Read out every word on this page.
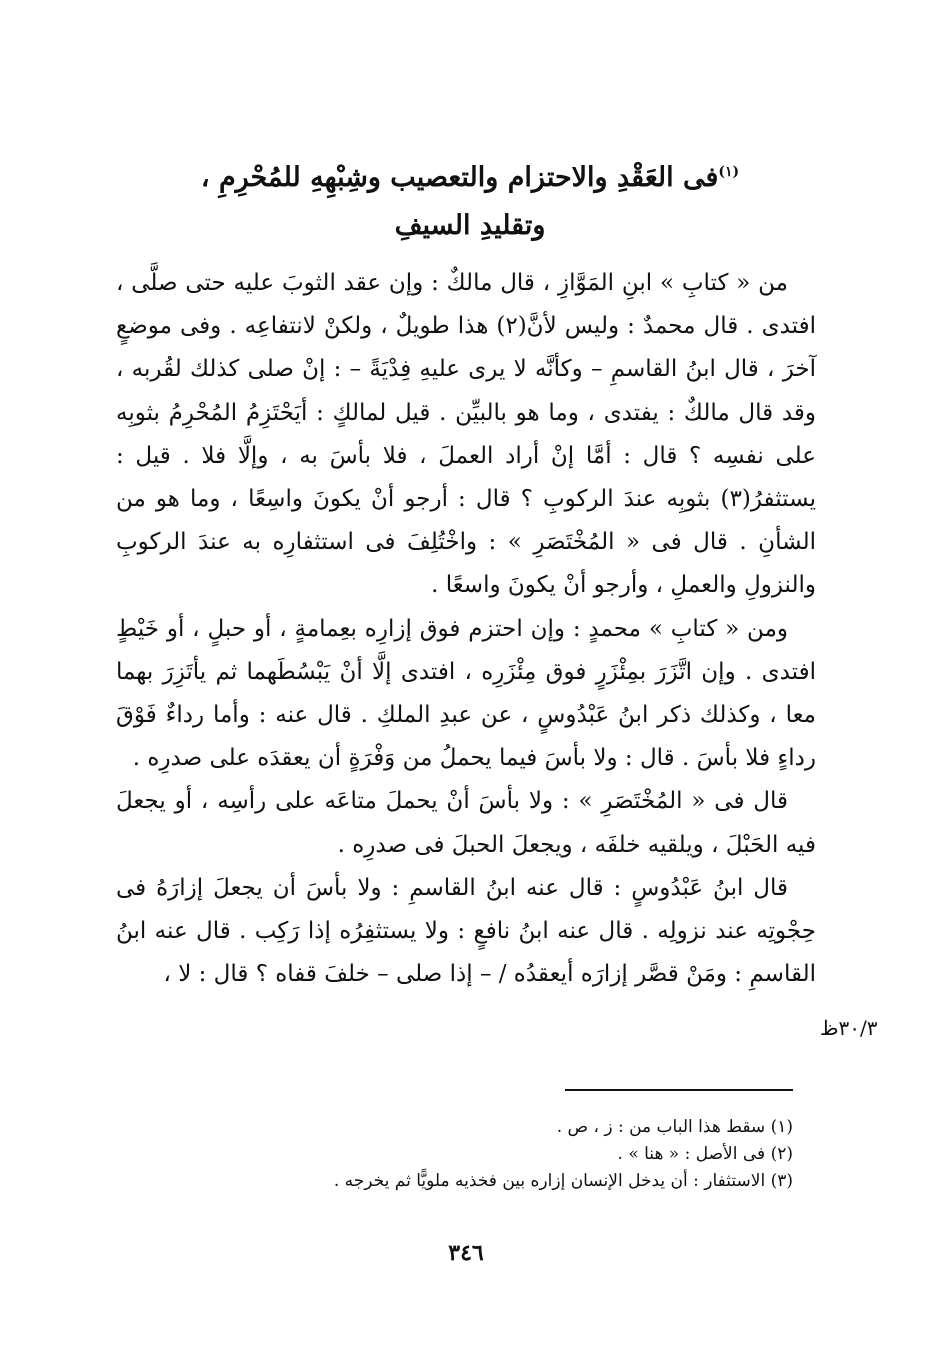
$^{(١)}$فى العَقْدِ والاحتزام والتعصيب وشِبْهِهِ للمُحْرِمِ ،
وتقليدِ السيفِ

من « كتابِ » ابنِ المَوَّازِ ، قال مالكٌ : وإن عقد الثوبَ عليه حتى صلَّى ، افتدى . قال محمدٌ : وليس لأنَّ(٢) هذا طويلٌ ، ولكنْ لانتفاعِه . وفى موضعٍ آخرَ ، قال ابنُ القاسمِ – وكأنَّه لا يرى عليهِ فِدْيَةً – : إنْ صلى كذلك لقُربه ، وقد قال مالكٌ : يفتدى ، وما هو بالبيِّن . قيل لمالكٍ : أيَحْتَزِمُ المُحْرِمُ بثوبِه على نفسِه ؟ قال : أمَّا إنْ أراد العملَ ، فلا بأسَ به ، وإلَّا فلا . قيل : يستثفرُ(٣) بثوبِه عندَ الركوبِ ؟ قال : أرجو أنْ يكونَ واسِعًا ، وما هو من الشأنِ . قال فى « المُخْتَصَرِ » : واخْتُلِفَ فى استثفارِه به عندَ الركوبِ والنزولِ والعملِ ، وأرجو أنْ يكونَ واسعًا .

ومن « كتابِ » محمدٍ : وإن احتزم فوق إزارِه بعِمامةٍ ، أو حبلٍ ، أو خَيْطٍ افتدى . وإن اتَّزَرَ بمِئْزَرٍ فوق مِئْزَرِه ، افتدى إلَّا أنْ يَبْسُطَهما ثم يأتَزِرَ بهما معا ، وكذلك ذكر ابنُ عَبْدُوسٍ ، عن عبدِ الملكِ . قال عنه : وأما رداءٌ فَوْقَ رداءٍ فلا بأسَ . قال : ولا بأسَ فيما يحملُ من وَفْرَةٍ أن يعقدَه على صدرِه .

قال فى « المُخْتَصَرِ » : ولا بأسَ أنْ يحملَ متاعَه على رأسِه ، أو يجعلَ فيه الحَبْلَ ، ويلقيه خلفَه ، ويجعلَ الحبلَ فى صدرِه .

قال ابنُ عَبْدُوسٍ : قال عنه ابنُ القاسمِ : ولا بأسَ أن يجعلَ إزارَهُ فى حِجْوتِه عند نزولِه . قال عنه ابنُ نافعٍ : ولا يستثفِرُه إذا رَكِب . قال عنه ابنُ القاسمِ : ومَنْ قصَّر إزارَه أيعقدُه / – إذا صلى – خلفَ قفاه ؟ قال : لا ،

٣٠/٣ظ
(١) سقط هذا الباب من : ز ، ص .
(٢) فى الأصل : « هنا » .
(٣) الاستثفار : أن يدخل الإنسان إزاره بين فخذيه ملويًّا ثم يخرجه .
٣٤٦
